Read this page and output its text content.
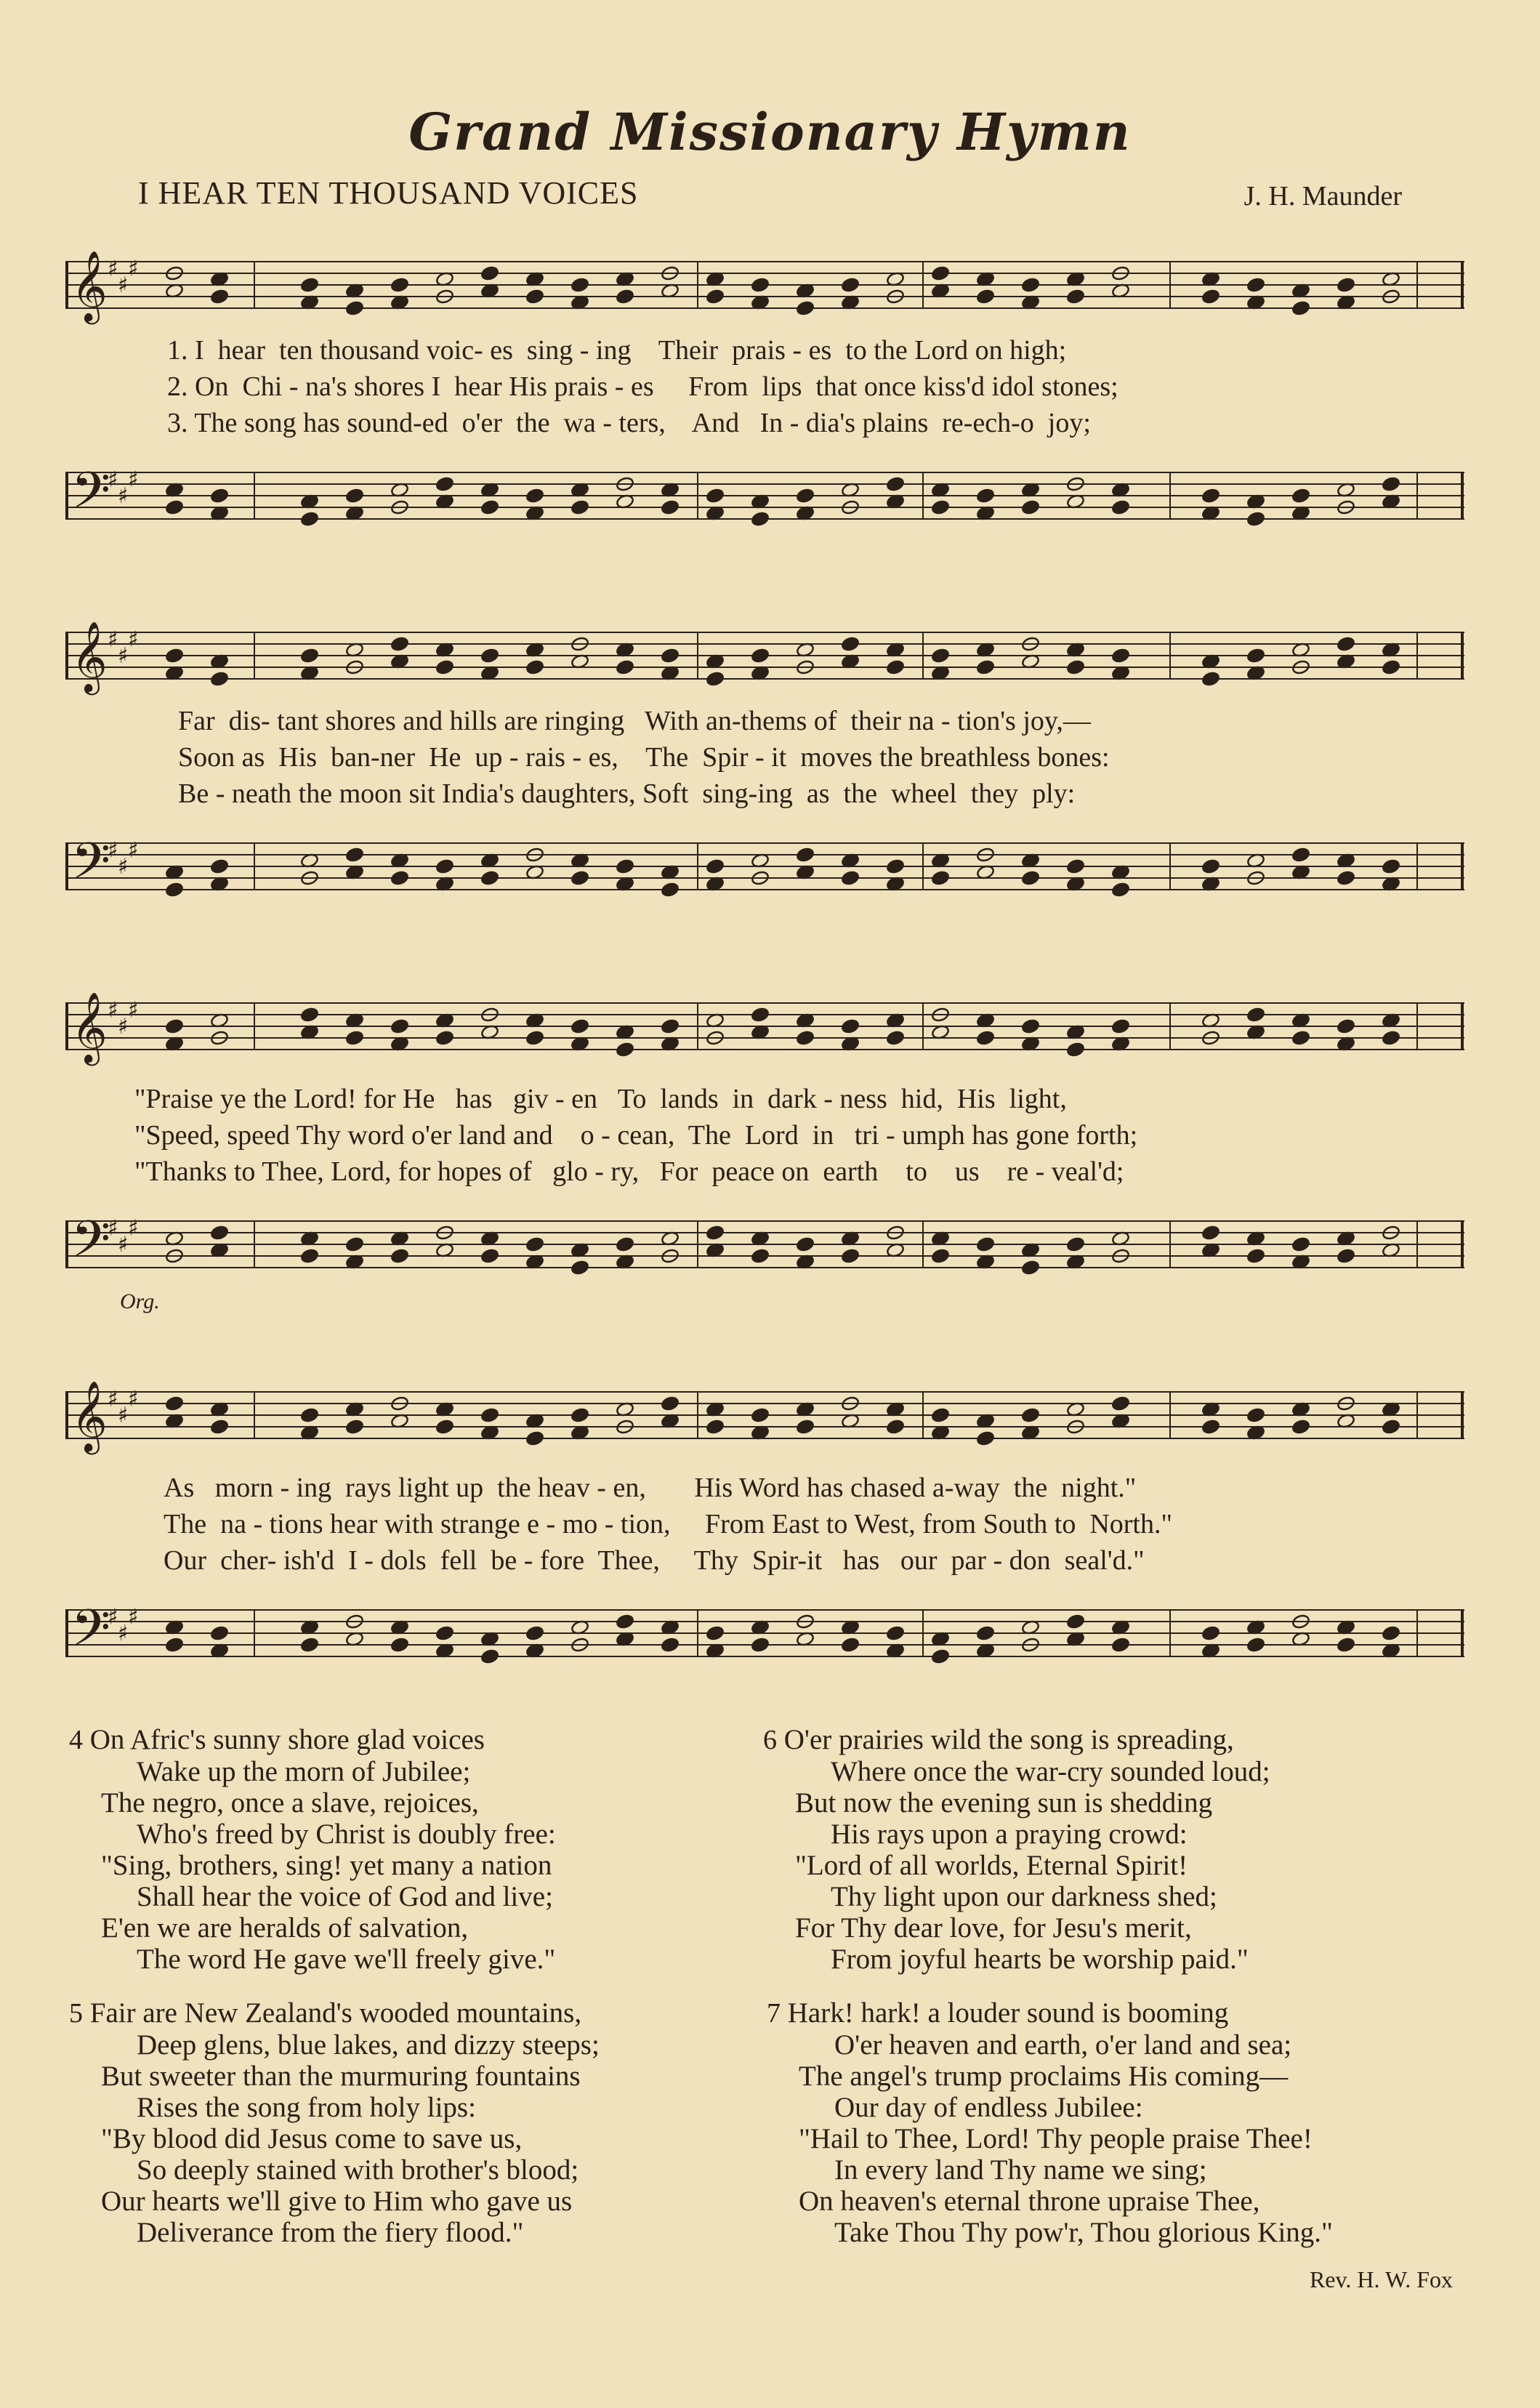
Grand Missionary Hymn
I HEAR TEN THOUSAND VOICES	J. H. Maunder
𝄞 ♯
♯
♯
1. I  hear  ten thousand voic- es  sing - ing    Their  prais - es  to the Lord on high;
2. On  Chi - na's shores I  hear His prais - es     From  lips  that once kiss'd idol stones;
3. The song has sound-ed  o'er  the  wa - ters,    And   In - dia's plains  re-ech-o  joy;
𝄢
♯
♯
♯
𝄞 ♯
♯
♯
Far  dis- tant shores and hills are ringing   With an-thems of  their na - tion's joy,—
Soon as  His  ban-ner  He  up - rais - es,    The  Spir - it  moves the breathless bones:
Be - neath the moon sit India's daughters, Soft  sing-ing  as  the  wheel  they  ply:
𝄢
♯
♯
♯
𝄞 ♯
♯
♯
"Praise ye the Lord! for He   has   giv - en   To  lands  in  dark - ness  hid,  His  light,
"Speed, speed Thy word o'er land and    o - cean,  The  Lord  in   tri - umph has gone forth;
"Thanks to Thee, Lord, for hopes of   glo - ry,   For  peace on  earth    to    us    re - veal'd;
𝄢
♯
♯
♯
Org.
𝄞 ♯
♯
♯
As   morn - ing  rays light up  the heav - en,       His Word has chased a-way  the  night."
The  na - tions hear with strange e - mo - tion,     From East to West, from South to  North."
Our  cher- ish'd  I - dols  fell  be - fore  Thee,     Thy  Spir-it   has   our  par - don  seal'd."
𝄢
♯
♯
♯
4 On Afric's sunny shore glad voices
Wake up the morn of Jubilee;
The negro, once a slave, rejoices,
Who's freed by Christ is doubly free:
"Sing, brothers, sing! yet many a nation
Shall hear the voice of God and live;
E'en we are heralds of salvation,
The word He gave we'll freely give."
5 Fair are New Zealand's wooded mountains,
Deep glens, blue lakes, and dizzy steeps;
But sweeter than the murmuring fountains
Rises the song from holy lips:
"By blood did Jesus come to save us,
So deeply stained with brother's blood;
Our hearts we'll give to Him who gave us
Deliverance from the fiery flood."
6 O'er prairies wild the song is spreading,
Where once the war-cry sounded loud;
But now the evening sun is shedding
His rays upon a praying crowd:
"Lord of all worlds, Eternal Spirit!
Thy light upon our darkness shed;
For Thy dear love, for Jesu's merit,
From joyful hearts be worship paid."
7 Hark! hark! a louder sound is booming
O'er heaven and earth, o'er land and sea;
The angel's trump proclaims His coming—
Our day of endless Jubilee:
"Hail to Thee, Lord! Thy people praise Thee!
In every land Thy name we sing;
On heaven's eternal throne upraise Thee,
Take Thou Thy pow'r, Thou glorious King."
Rev. H. W. Fox
